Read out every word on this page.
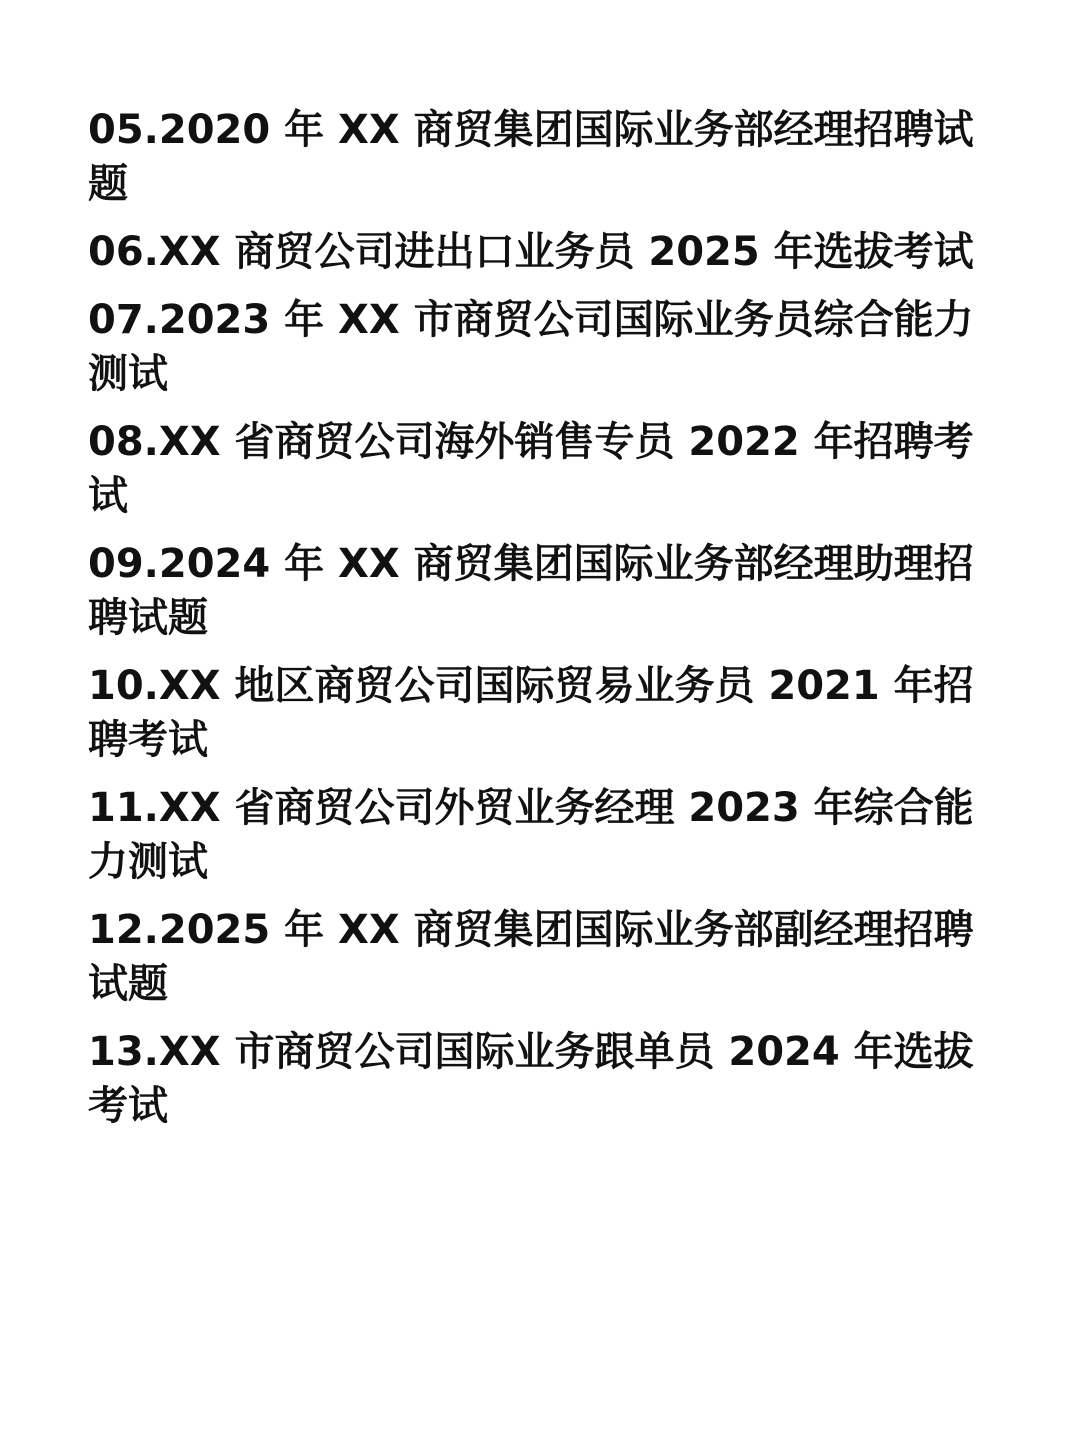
05.2020 年 XX 商贸集团国际业务部经理招聘试题
06.XX 商贸公司进出口业务员 2025 年选拔考试
07.2023 年 XX 市商贸公司国际业务员综合能力测试
08.XX 省商贸公司海外销售专员 2022 年招聘考试
09.2024 年 XX 商贸集团国际业务部经理助理招聘试题
10.XX 地区商贸公司国际贸易业务员 2021 年招聘考试
11.XX 省商贸公司外贸业务经理 2023 年综合能力测试
12.2025 年 XX 商贸集团国际业务部副经理招聘试题
13.XX 市商贸公司国际业务跟单员 2024 年选拔考试
